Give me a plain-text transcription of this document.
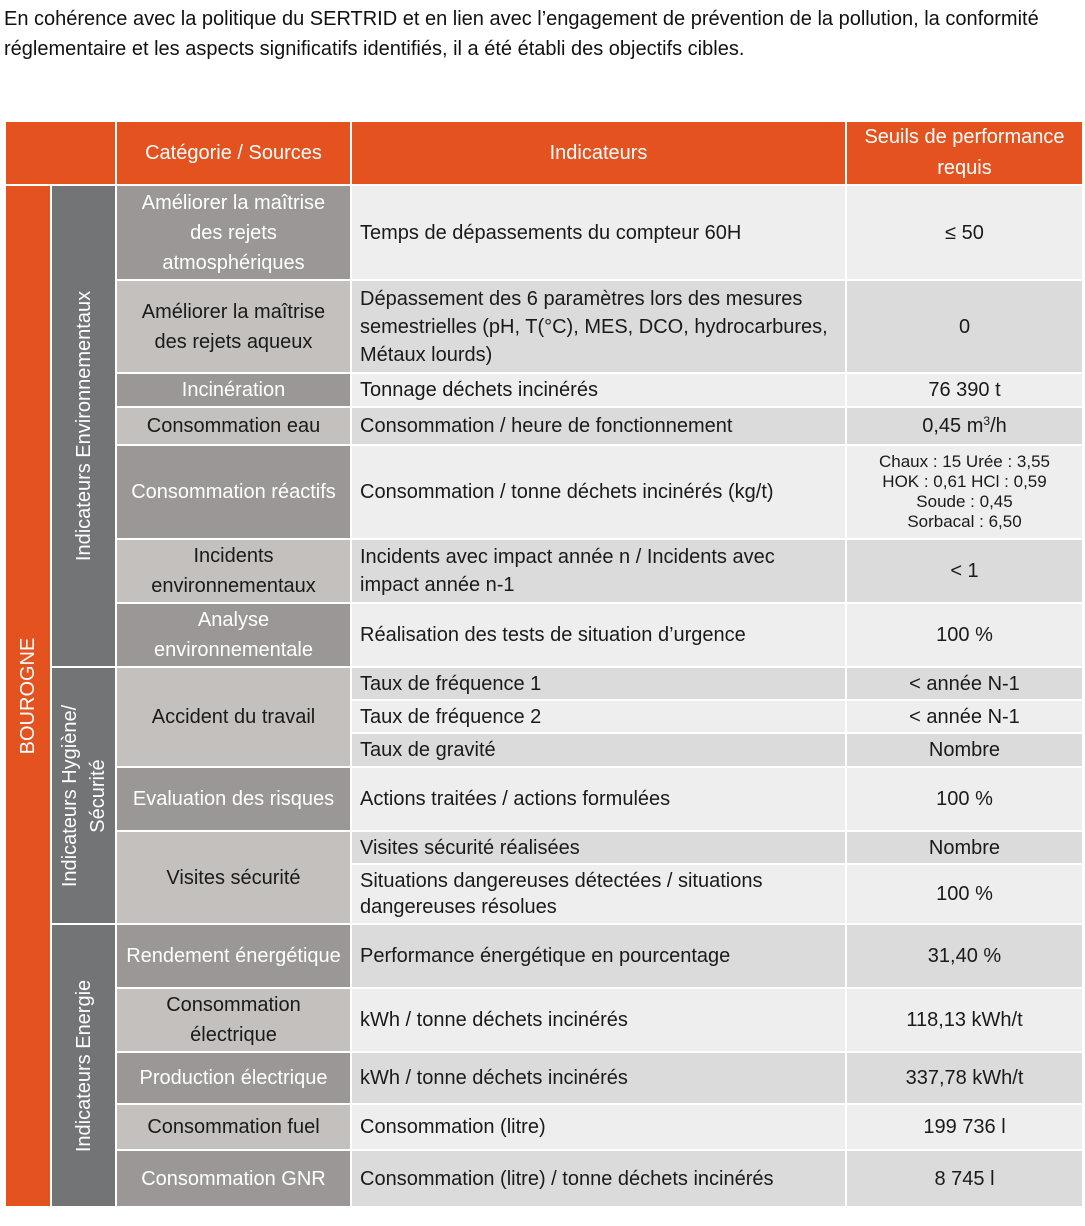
En cohérence avec la politique du SERTRID et en lien avec l’engagement de prévention de la pollution, la conformité réglementaire et les aspects significatifs identifiés, il a été établi des objectifs cibles.

		Catégorie / Sources	Indicateurs	Seuils de performance requis

BOUROGNE	Indicateurs Environnementaux	Améliorer la maîtrise des rejets atmosphériques	Temps de dépassements du compteur 60H	≤ 50
		Améliorer la maîtrise des rejets aqueux	Dépassement des 6 paramètres lors des mesures semestrielles (pH, T(°C), MES, DCO, hydrocarbures, Métaux lourds)	0
		Incinération	Tonnage déchets incinérés	76 390 t
		Consommation eau	Consommation / heure de fonctionnement	0,45 $m^3/h$
		Consommation réactifs	Consommation / tonne déchets incinérés (kg/t)	Chaux : 15 Urée : 3,55
HOK : 0,61 HCl : 0,59
Soude : 0,45
Sorbacal : 6,50

		Incidents environnementaux	Incidents avec impact année n / Incidents avec impact année n-1	< 1
		Analyse environnementale	Réalisation des tests de situation d’urgence	100 %

	Indicateurs Hygiène/ Sécurité	Accident du travail	Taux de fréquence 1	< année N-1
			Taux de fréquence 2	< année N-1
			Taux de gravité	Nombre
		Evaluation des risques	Actions traitées / actions formulées	100 %
		Visites sécurité	Visites sécurité réalisées	Nombre
			Situations dangereuses détectées / situations dangereuses résolues	100 %

	Indicateurs Energie	Rendement énergétique	Performance énergétique en pourcentage	31,40 %
		Consommation électrique	kWh / tonne déchets incinérés	118,13 kWh/t
		Production électrique	kWh / tonne déchets incinérés	337,78 kWh/t
		Consommation fuel	Consommation (litre)	199 736 l
		Consommation GNR	Consommation (litre) / tonne déchets incinérés	8 745 l
